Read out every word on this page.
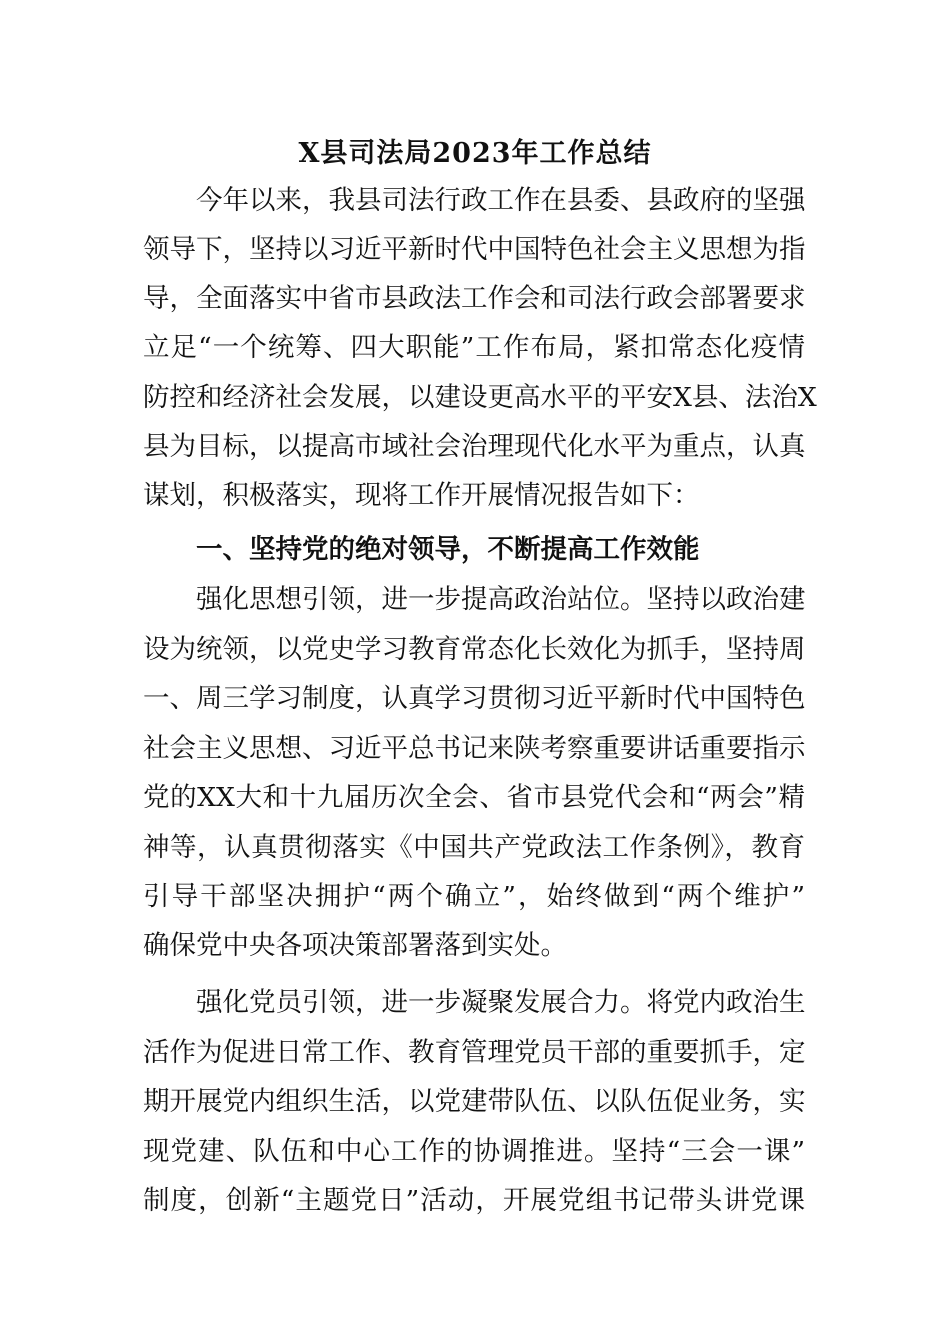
X县司法局2023年工作总结
今年以来，我县司法行政工作在县委、县政府的坚强
领导下，坚持以习近平新时代中国特色社会主义思想为指
导，全面落实中省市县政法工作会和司法行政会部署要求
立足“一个统筹、四大职能”工作布局，紧扣常态化疫情
防控和经济社会发展，以建设更高水平的平安X县、法治X
县为目标，以提高市域社会治理现代化水平为重点，认真
谋划，积极落实，现将工作开展情况报告如下：
一、坚持党的绝对领导，不断提高工作效能
强化思想引领，进一步提高政治站位。坚持以政治建
设为统领，以党史学习教育常态化长效化为抓手，坚持周
一、周三学习制度，认真学习贯彻习近平新时代中国特色
社会主义思想、习近平总书记来陕考察重要讲话重要指示
党的XX大和十九届历次全会、省市县党代会和“两会”精
神等，认真贯彻落实《中国共产党政法工作条例》，教育
引导干部坚决拥护“两个确立”，始终做到“两个维护”
确保党中央各项决策部署落到实处。
强化党员引领，进一步凝聚发展合力。将党内政治生
活作为促进日常工作、教育管理党员干部的重要抓手，定
期开展党内组织生活，以党建带队伍、以队伍促业务，实
现党建、队伍和中心工作的协调推进。坚持“三会一课”
制度，创新“主题党日”活动，开展党组书记带头讲党课
